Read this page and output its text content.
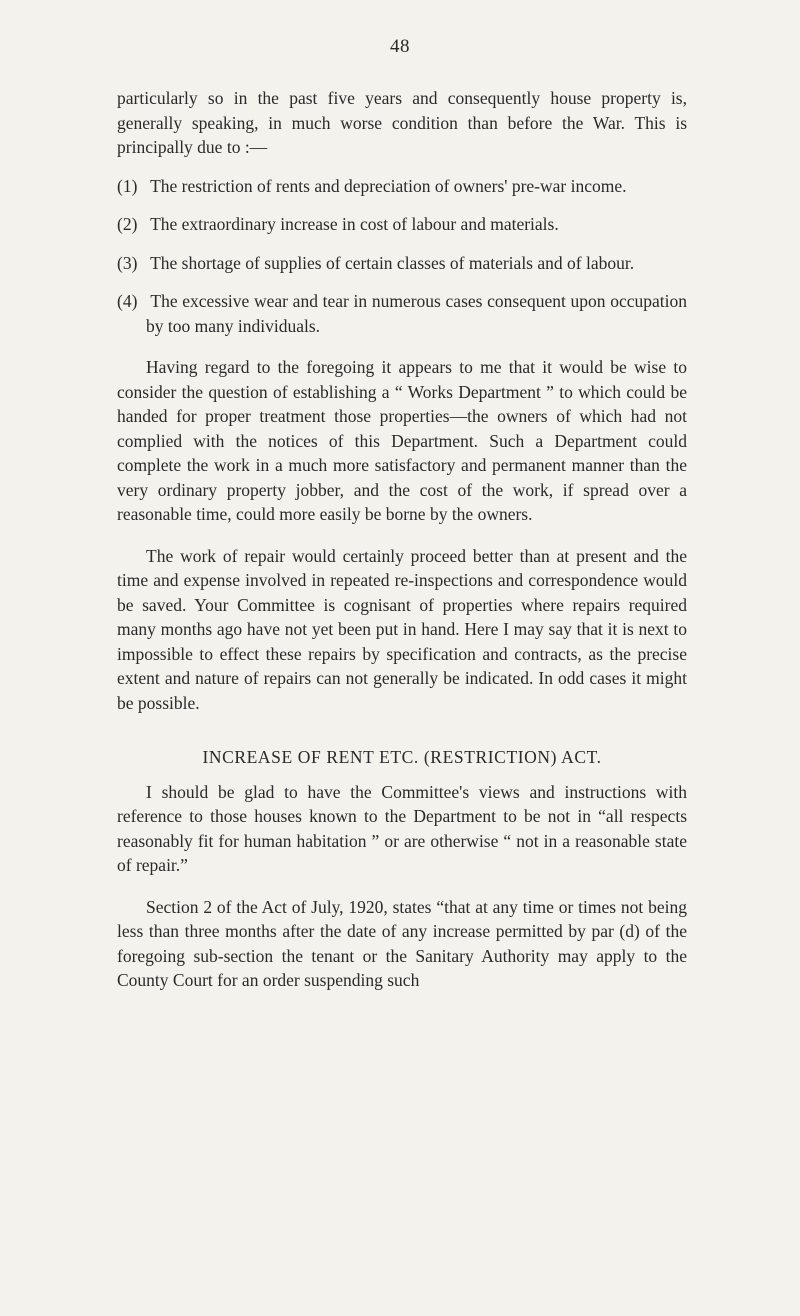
48

particularly so in the past five years and consequently house property is, generally speaking, in much worse condition than before the War. This is principally due to :—

(1) The restriction of rents and depreciation of owners' pre-war income.

(2) The extraordinary increase in cost of labour and materials.

(3) The shortage of supplies of certain classes of materials and of labour.

(4) The excessive wear and tear in numerous cases consequent upon occupation by too many individuals.

Having regard to the foregoing it appears to me that it would be wise to consider the question of establishing a “ Works Department ” to which could be handed for proper treatment those properties—the owners of which had not complied with the notices of this Department. Such a Department could complete the work in a much more satisfactory and permanent manner than the very ordinary property jobber, and the cost of the work, if spread over a reasonable time, could more easily be borne by the owners.

The work of repair would certainly proceed better than at present and the time and expense involved in repeated re-inspections and correspondence would be saved. Your Committee is cognisant of properties where repairs required many months ago have not yet been put in hand. Here I may say that it is next to impossible to effect these repairs by specification and contracts, as the precise extent and nature of repairs can not generally be indicated. In odd cases it might be possible.

INCREASE OF RENT ETC. (RESTRICTION) ACT.

I should be glad to have the Committee's views and instructions with reference to those houses known to the Department to be not in “all respects reasonably fit for human habitation ” or are otherwise “ not in a reasonable state of repair.”

Section 2 of the Act of July, 1920, states “that at any time or times not being less than three months after the date of any increase permitted by par (d) of the foregoing sub-section the tenant or the Sanitary Authority may apply to the County Court for an order suspending such
